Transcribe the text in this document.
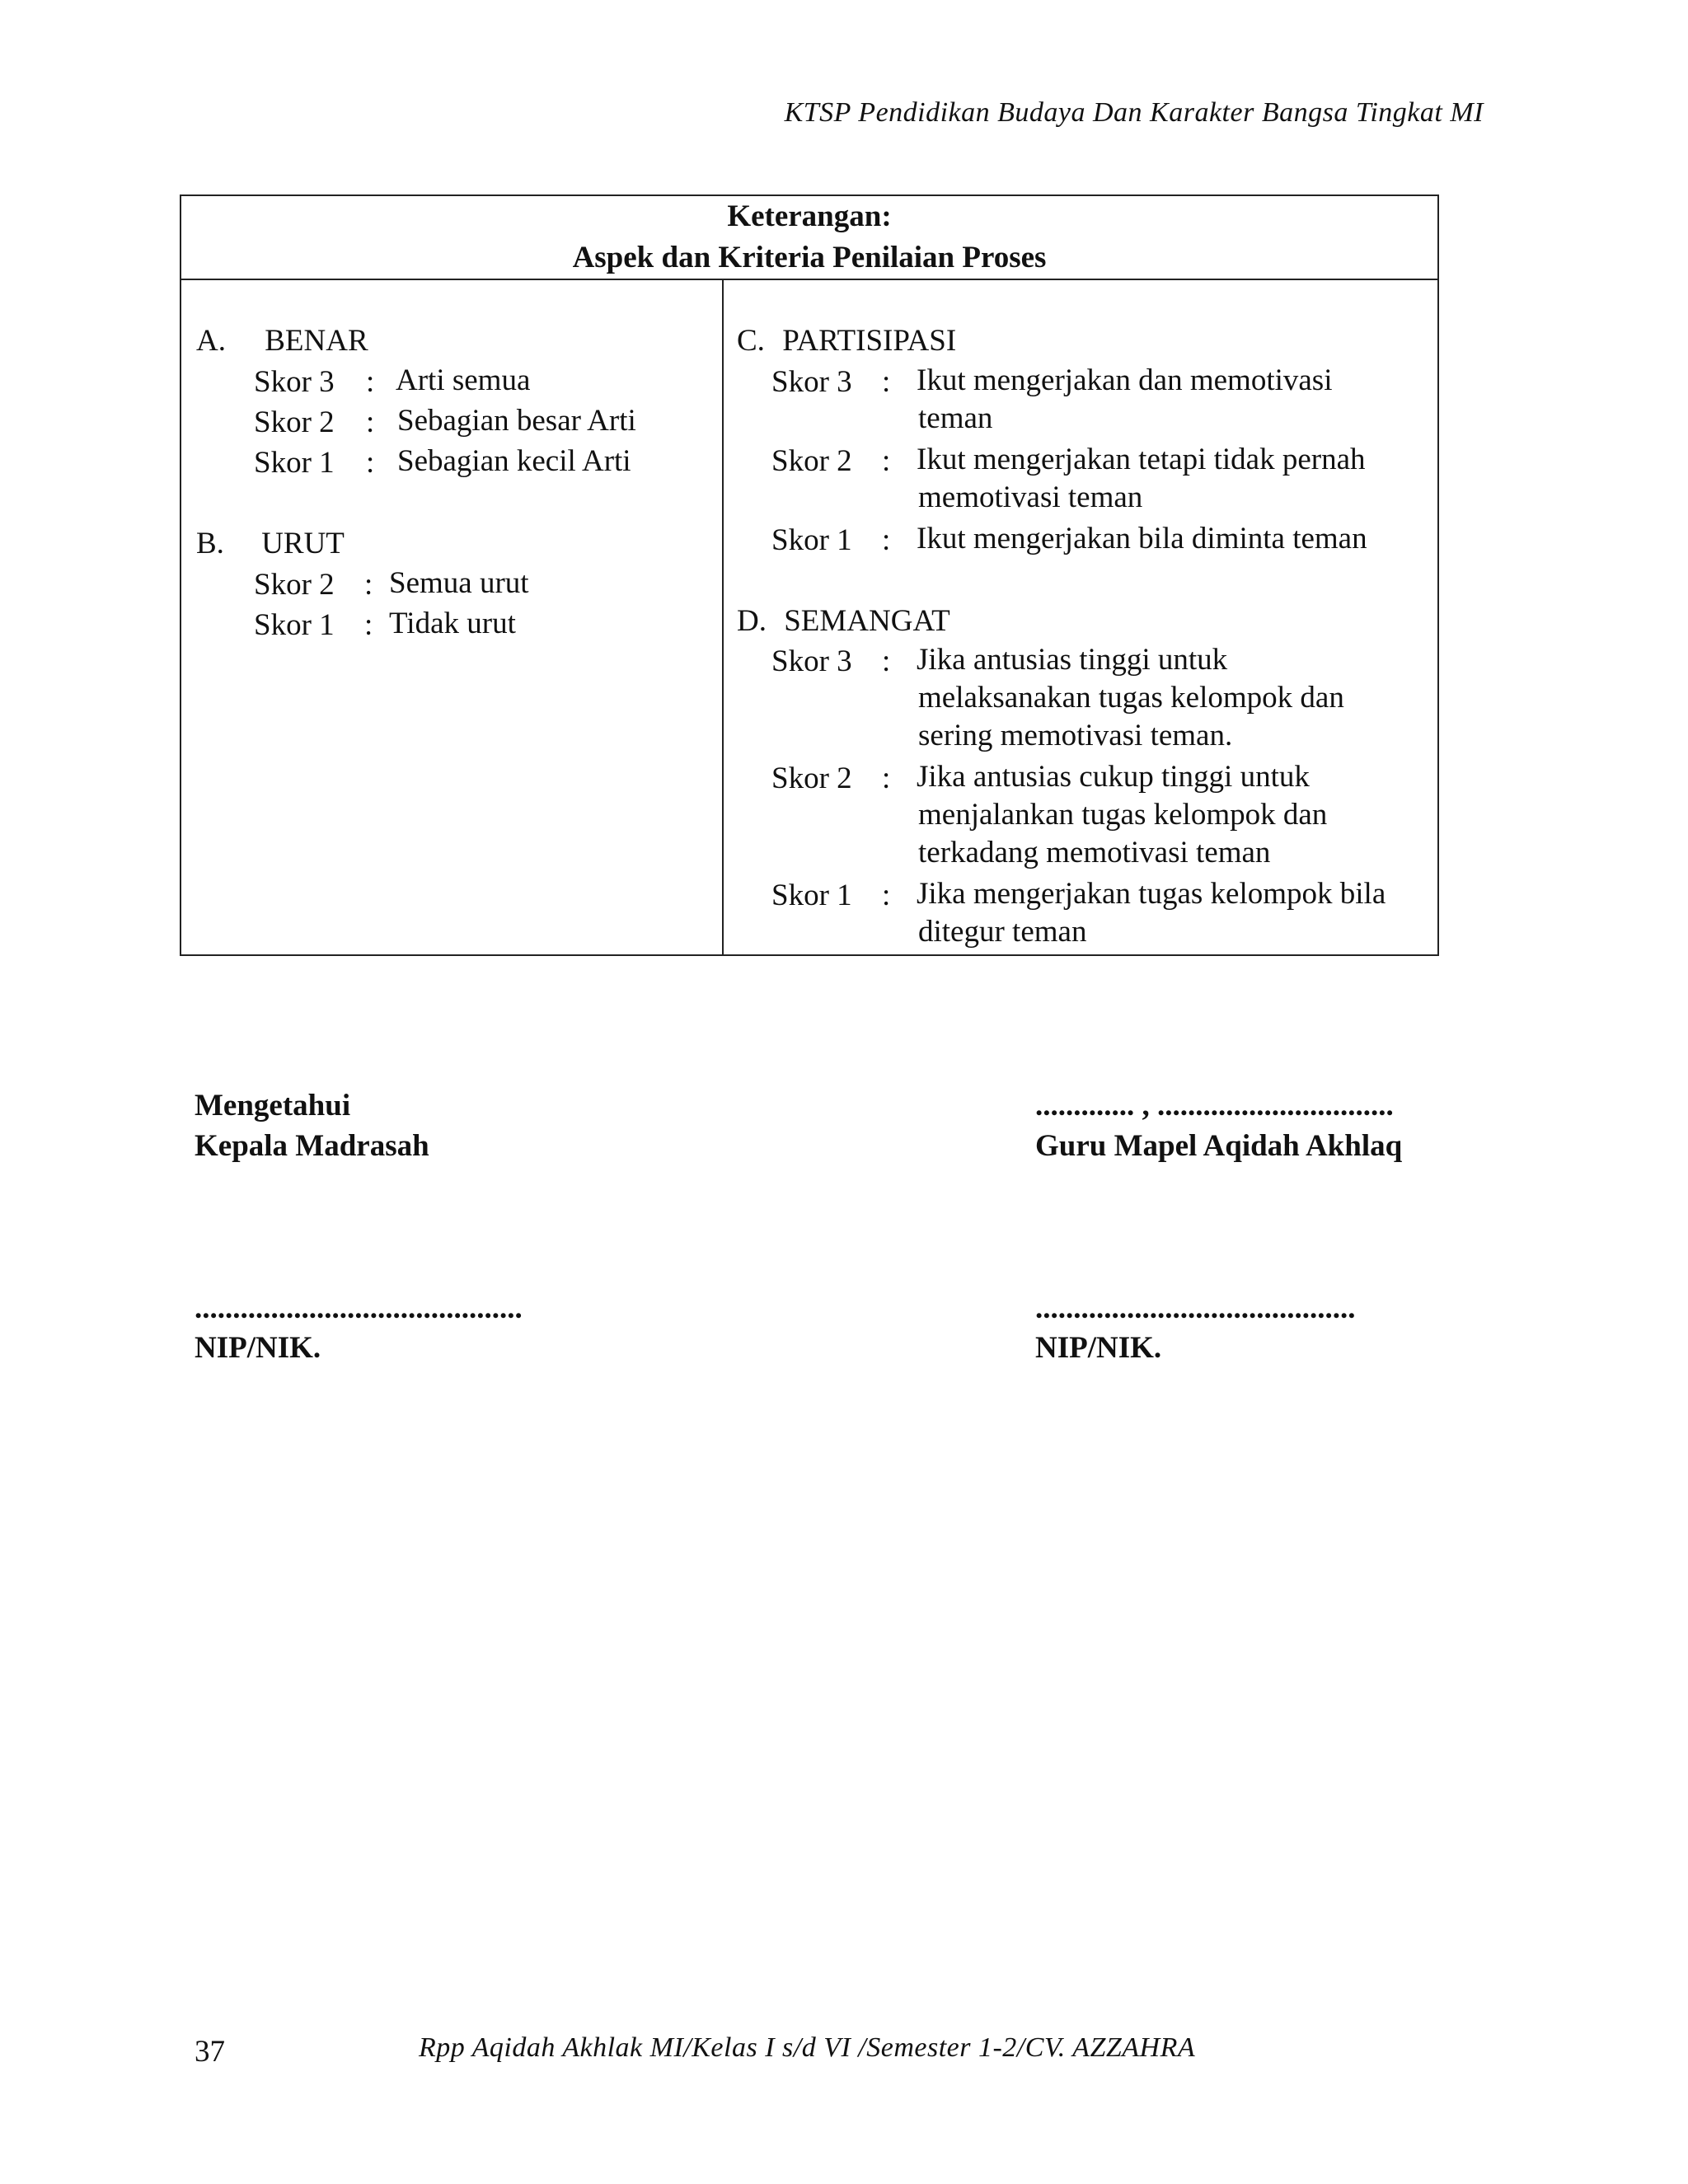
KTSP Pendidikan Budaya Dan Karakter Bangsa Tingkat MI
Keterangan:
Aspek dan Kriteria Penilaian Proses
A. BENAR
Skor 3 : Arti semua
Skor 2 : Sebagian besar Arti
Skor 1 : Sebagian kecil Arti
B. URUT
Skor 2 : Semua urut
Skor 1 : Tidak urut
C. PARTISIPASI
Skor 3 : Ikut mengerjakan dan memotivasi
teman
Skor 2 : Ikut mengerjakan tetapi tidak pernah
memotivasi teman
Skor 1 : Ikut mengerjakan bila diminta teman
D. SEMANGAT
Skor 3 : Jika antusias tinggi untuk
melaksanakan tugas kelompok dan
sering memotivasi teman.
Skor 2 : Jika antusias cukup tinggi untuk
menjalankan tugas kelompok dan
terkadang memotivasi teman
Skor 1 : Jika mengerjakan tugas kelompok bila
ditegur teman
Mengetahui
Kepala Madrasah
...........................................
NIP/NIK.
............. , ...............................
Guru Mapel Aqidah Akhlaq
..........................................
NIP/NIK.
37	Rpp Aqidah Akhlak MI/Kelas I s/d VI /Semester 1-2/CV. AZZAHRA
